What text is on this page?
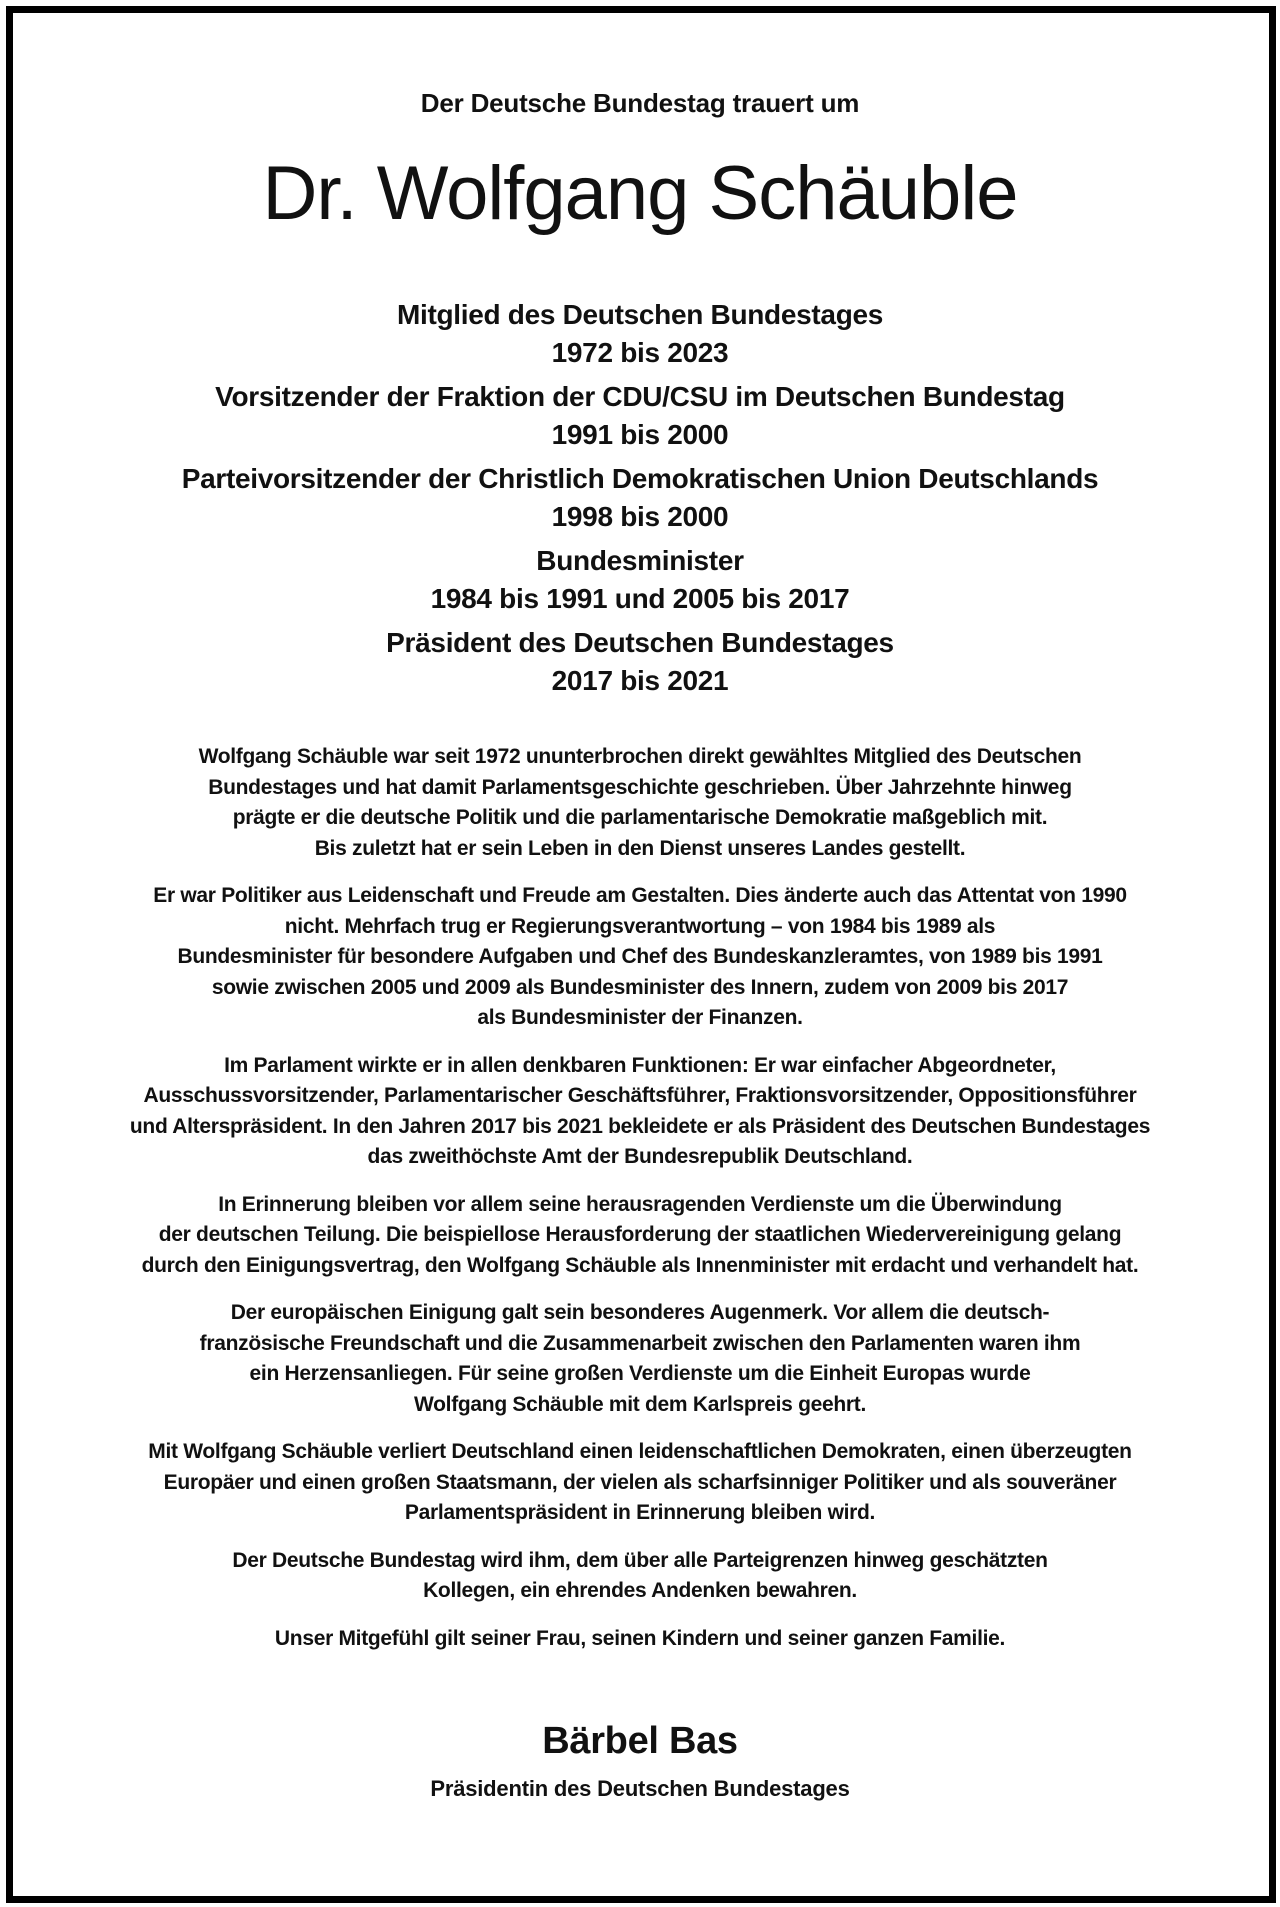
Der Deutsche Bundestag trauert um
Dr. Wolfgang Schäuble
Mitglied des Deutschen Bundestages
1972 bis 2023
Vorsitzender der Fraktion der CDU/CSU im Deutschen Bundestag
1991 bis 2000
Parteivorsitzender der Christlich Demokratischen Union Deutschlands
1998 bis 2000
Bundesminister
1984 bis 1991 und 2005 bis 2017
Präsident des Deutschen Bundestages
2017 bis 2021
Wolfgang Schäuble war seit 1972 ununterbrochen direkt gewähltes Mitglied des Deutschen
Bundestages und hat damit Parlamentsgeschichte geschrieben. Über Jahrzehnte hinweg
prägte er die deutsche Politik und die parlamentarische Demokratie maßgeblich mit.
Bis zuletzt hat er sein Leben in den Dienst unseres Landes gestellt.
Er war Politiker aus Leidenschaft und Freude am Gestalten. Dies änderte auch das Attentat von 1990
nicht. Mehrfach trug er Regierungsverantwortung – von 1984 bis 1989 als
Bundesminister für besondere Aufgaben und Chef des Bundeskanzleramtes, von 1989 bis 1991
sowie zwischen 2005 und 2009 als Bundesminister des Innern, zudem von 2009 bis 2017
als Bundesminister der Finanzen.
Im Parlament wirkte er in allen denkbaren Funktionen: Er war einfacher Abgeordneter,
Ausschussvorsitzender, Parlamentarischer Geschäftsführer, Fraktionsvorsitzender, Oppositionsführer
und Alterspräsident. In den Jahren 2017 bis 2021 bekleidete er als Präsident des Deutschen Bundestages
das zweithöchste Amt der Bundesrepublik Deutschland.
In Erinnerung bleiben vor allem seine herausragenden Verdienste um die Überwindung
der deutschen Teilung. Die beispiellose Herausforderung der staatlichen Wiedervereinigung gelang
durch den Einigungsvertrag, den Wolfgang Schäuble als Innenminister mit erdacht und verhandelt hat.
Der europäischen Einigung galt sein besonderes Augenmerk. Vor allem die deutsch-
französische Freundschaft und die Zusammenarbeit zwischen den Parlamenten waren ihm
ein Herzensanliegen. Für seine großen Verdienste um die Einheit Europas wurde
Wolfgang Schäuble mit dem Karlspreis geehrt.
Mit Wolfgang Schäuble verliert Deutschland einen leidenschaftlichen Demokraten, einen überzeugten
Europäer und einen großen Staatsmann, der vielen als scharfsinniger Politiker und als souveräner
Parlamentspräsident in Erinnerung bleiben wird.
Der Deutsche Bundestag wird ihm, dem über alle Parteigrenzen hinweg geschätzten
Kollegen, ein ehrendes Andenken bewahren.
Unser Mitgefühl gilt seiner Frau, seinen Kindern und seiner ganzen Familie.
Bärbel Bas
Präsidentin des Deutschen Bundestages
